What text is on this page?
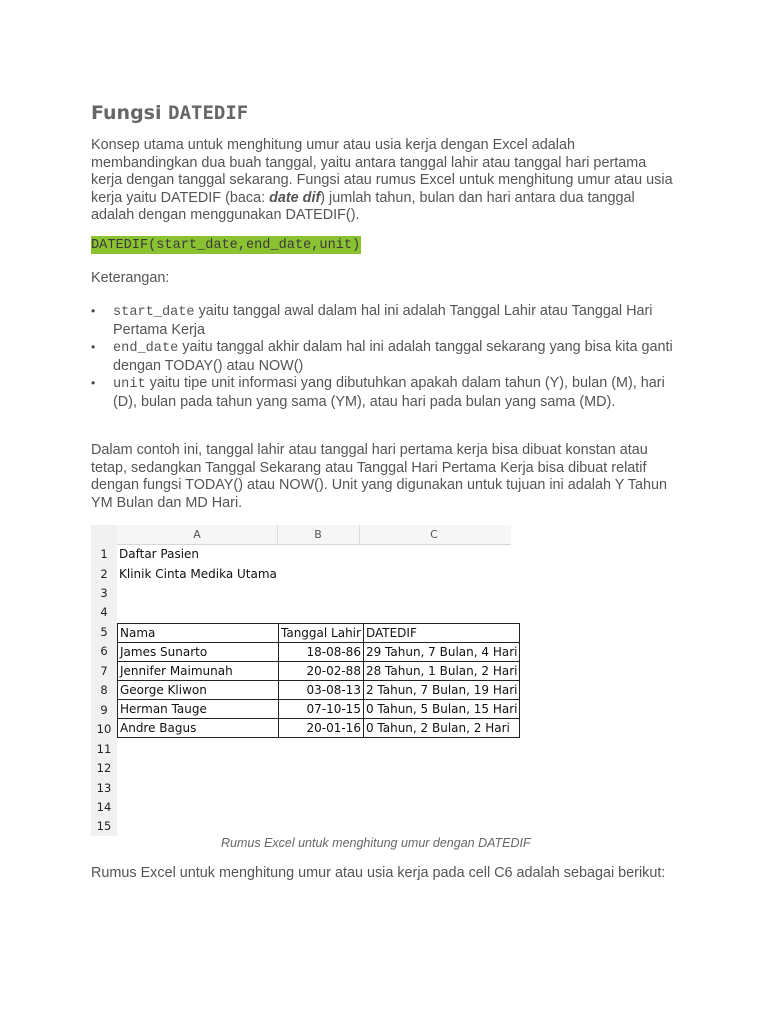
Fungsi DATEDIF

Konsep utama untuk menghitung umur atau usia kerja dengan Excel adalah membandingkan dua buah tanggal, yaitu antara tanggal lahir atau tanggal hari pertama kerja dengan tanggal sekarang. Fungsi atau rumus Excel untuk menghitung umur atau usia kerja yaitu DATEDIF (baca: date dif) jumlah tahun, bulan dan hari antara dua tanggal adalah dengan menggunakan DATEDIF().

DATEDIF(start_date,end_date,unit)

Keterangan:

• start_date yaitu tanggal awal dalam hal ini adalah Tanggal Lahir atau Tanggal Hari Pertama Kerja
• end_date yaitu tanggal akhir dalam hal ini adalah tanggal sekarang yang bisa kita ganti dengan TODAY() atau NOW()
• unit yaitu tipe unit informasi yang dibutuhkan apakah dalam tahun (Y), bulan (M), hari (D), bulan pada tahun yang sama (YM), atau hari pada bulan yang sama (MD).

Dalam contoh ini, tanggal lahir atau tanggal hari pertama kerja bisa dibuat konstan atau tetap, sedangkan Tanggal Sekarang atau Tanggal Hari Pertama Kerja bisa dibuat relatif dengan fungsi TODAY() atau NOW(). Unit yang digunakan untuk tujuan ini adalah Y Tahun YM Bulan dan MD Hari.

Rumus Excel untuk menghitung umur atau usia kerja pada cell C6 adalah sebagai berikut:

A	B	C
1
2
3
4
5
6
7
8
9
10
11
12
13
14
15
Daftar Pasien
Klinik Cinta Medika Utama
Nama	Tanggal Lahir	DATEDIF
James Sunarto	18-08-86	29 Tahun, 7 Bulan, 4 Hari
Jennifer Maimunah	20-02-88	28 Tahun, 1 Bulan, 2 Hari
George Kliwon	03-08-13	2 Tahun, 7 Bulan, 19 Hari
Herman Tauge	07-10-15	0 Tahun, 5 Bulan, 15 Hari
Andre Bagus	20-01-16	0 Tahun, 2 Bulan, 2 Hari
Rumus Excel untuk menghitung umur dengan DATEDIF
